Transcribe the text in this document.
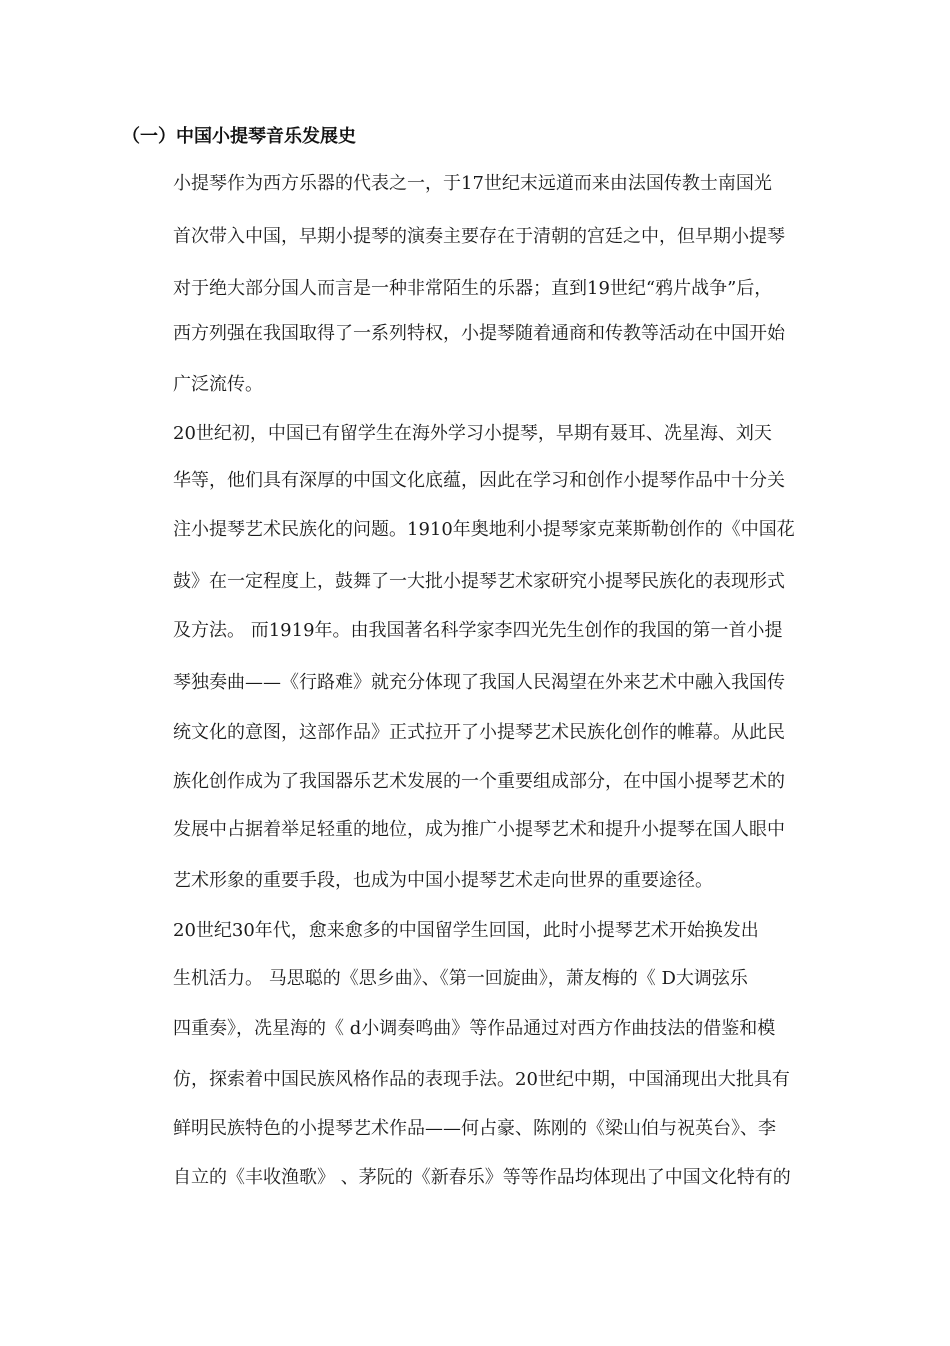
（一）中国小提琴音乐发展史

小提琴作为西方乐器的代表之一，于17世纪末远道而来由法国传教士南国光

首次带入中国，早期小提琴的演奏主要存在于清朝的宫廷之中，但早期小提琴

对于绝大部分国人而言是一种非常陌生的乐器；直到19世纪“鸦片战争”后，

西方列强在我国取得了一系列特权，小提琴随着通商和传教等活动在中国开始

广泛流传。

20世纪初，中国已有留学生在海外学习小提琴，早期有聂耳、冼星海、刘天

华等，他们具有深厚的中国文化底蕴，因此在学习和创作小提琴作品中十分关

注小提琴艺术民族化的问题。1910年奥地利小提琴家克莱斯勒创作的《中国花

鼓》在一定程度上，鼓舞了一大批小提琴艺术家研究小提琴民族化的表现形式

及方法。 而1919年。由我国著名科学家李四光先生创作的我国的第一首小提

琴独奏曲——《行路难》就充分体现了我国人民渴望在外来艺术中融入我国传

统文化的意图，这部作品》正式拉开了小提琴艺术民族化创作的帷幕。从此民

族化创作成为了我国器乐艺术发展的一个重要组成部分，在中国小提琴艺术的

发展中占据着举足轻重的地位，成为推广小提琴艺术和提升小提琴在国人眼中

艺术形象的重要手段，也成为中国小提琴艺术走向世界的重要途径。

20世纪30年代，愈来愈多的中国留学生回国，此时小提琴艺术开始换发出

生机活力。 马思聪的《思乡曲》、《第一回旋曲》，萧友梅的《 D大调弦乐

四重奏》，冼星海的《 d小调奏鸣曲》等作品通过对西方作曲技法的借鉴和模

仿，探索着中国民族风格作品的表现手法。20世纪中期，中国涌现出大批具有

鲜明民族特色的小提琴艺术作品——何占豪、陈刚的《梁山伯与祝英台》、李

自立的《丰收渔歌》 、茅阮的《新春乐》等等作品均体现出了中国文化特有的
